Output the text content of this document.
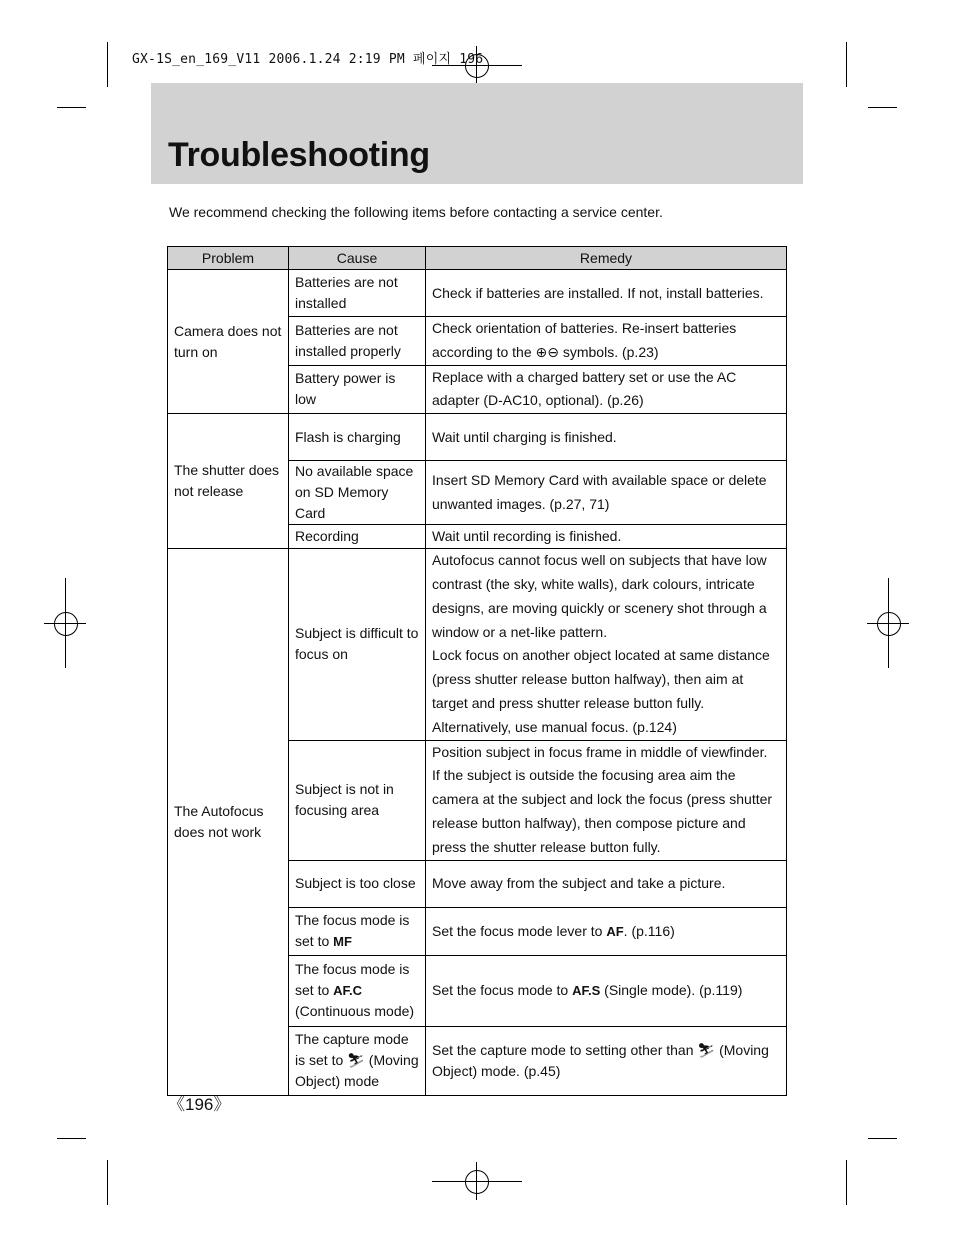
GX-1S_en_169_V11 2006.1.24 2:19 PM 페이지 196
Troubleshooting
We recommend checking the following items before contacting a service center.
Problem	Cause	Remedy
Camera does not turn on	Batteries are not installed	Check if batteries are installed. If not, install batteries.
	Batteries are not installed properly	Check orientation of batteries. Re-insert batteries according to the ⊕⊖ symbols. (p.23)
	Battery power is low	Replace with a charged battery set or use the AC adapter (D-AC10, optional). (p.26)
The shutter does not release	Flash is charging	Wait until charging is finished.
	No available space on SD Memory Card	Insert SD Memory Card with available space or delete unwanted images. (p.27, 71)
	Recording	Wait until recording is finished.
The Autofocus does not work	Subject is difficult to focus on	Autofocus cannot focus well on subjects that have low contrast (the sky, white walls), dark colours, intricate designs, are moving quickly or scenery shot through a window or a net-like pattern.
Lock focus on another object located at same distance (press shutter release button halfway), then aim at target and press shutter release button fully. Alternatively, use manual focus. (p.124)

	Subject is not in focusing area	Position subject in focus frame in middle of viewfinder.
If the subject is outside the focusing area aim the camera at the subject and lock the focus (press shutter release button halfway), then compose picture and press the shutter release button fully.

	Subject is too close	Move away from the subject and take a picture.
	The focus mode is set to MF	Set the focus mode lever to AF. (p.116)
	The focus mode is set to AF.C (Continuous mode)	Set the focus mode to AF.S (Single mode). (p.119)
	The capture mode is set to ⛷ (Moving Object) mode	Set the capture mode to setting other than ⛷ (Moving Object) mode. (p.45)
《196》
